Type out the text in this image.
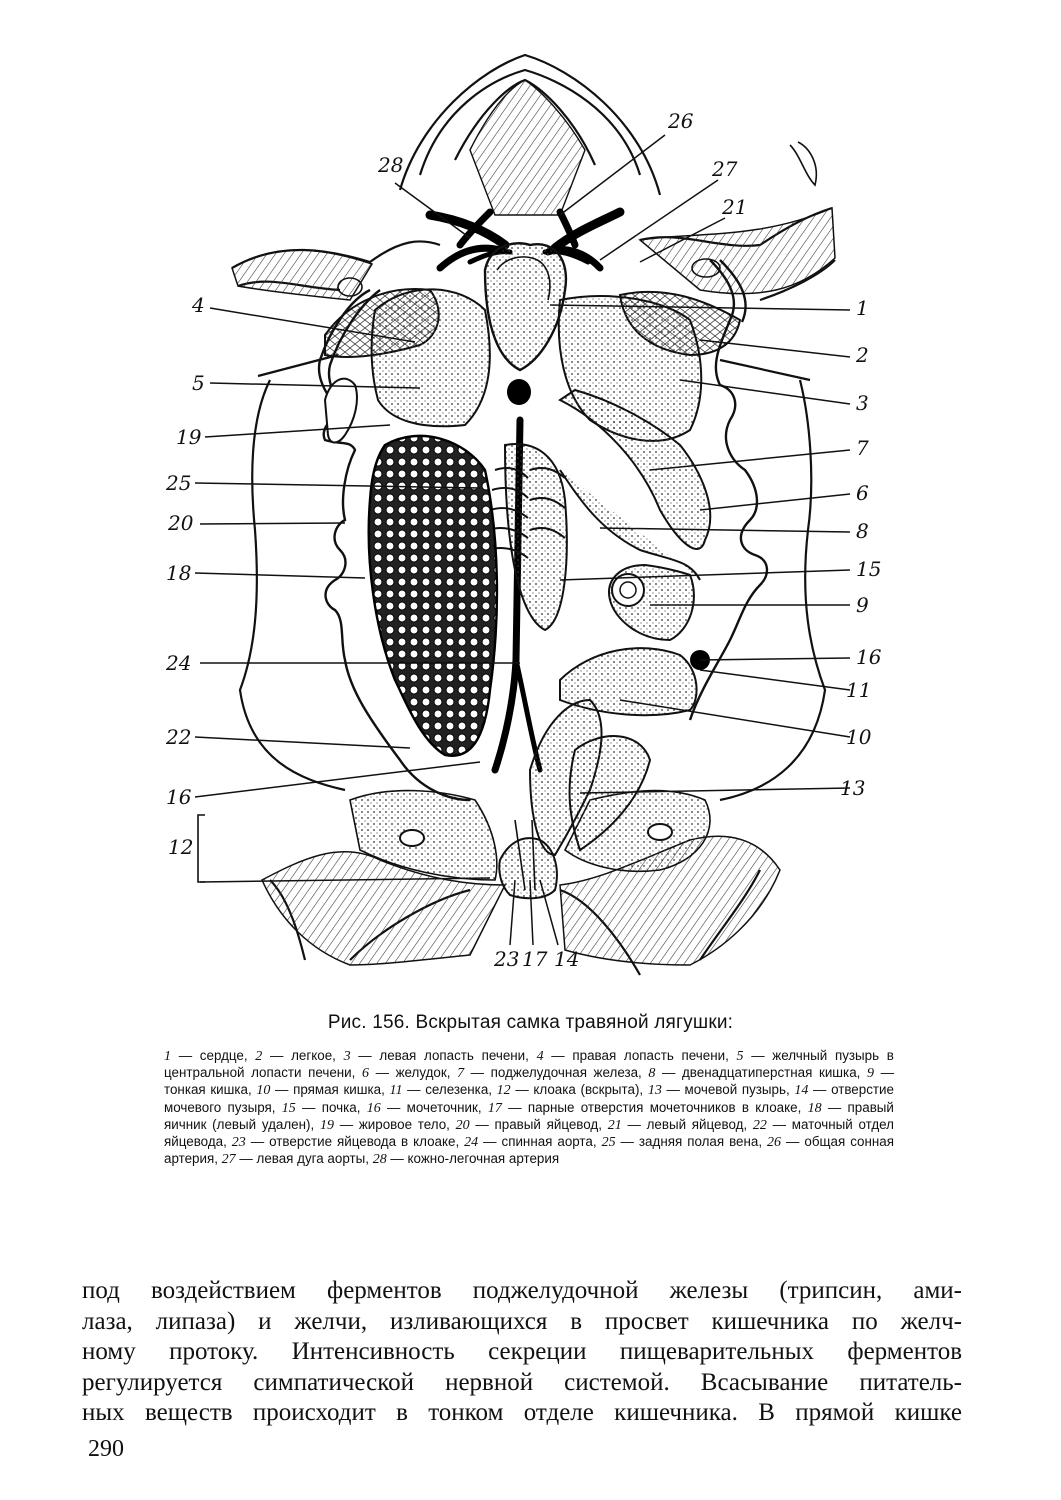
26
28	27
21
4	1
2
5
3
19	7
25	6
20	8
18	15
9
24	16
11
22	10
16	13
12
23 17 14
Рис. 156. Вскрытая самка травяной лягушки:
1 — сердце, 2 — легкое, 3 — левая лопасть печени, 4 — правая лопасть печени, 5 — желчный пузырь в центральной лопасти печени, 6 — желудок, 7 — поджелудочная железа, 8 — двенадцатиперстная кишка, 9 — тонкая кишка, 10 — прямая кишка, 11 — селезенка, 12 — клоака (вскрыта), 13 — мочевой пузырь, 14 — отверстие мочевого пузыря, 15 — почка, 16 — мочеточник, 17 — парные отверстия мочеточников в клоаке, 18 — правый яичник (левый удален), 19 — жировое тело, 20 — правый яйцевод, 21 — левый яйцевод, 22 — маточный отдел яйцевода, 23 — отверстие яйцевода в клоаке, 24 — спинная аорта, 25 — задняя полая вена, 26 — общая сонная артерия, 27 — левая дуга аорты, 28 — кожно-легочная артерия
под воздействием ферментов поджелудочной железы (трипсин, ами-
лаза, липаза) и желчи, изливающихся в просвет кишечника по желч-
ному протоку. Интенсивность секреции пищеварительных ферментов
регулируется симпатической нервной системой. Всасывание питатель-
ных веществ происходит в тонком отделе кишечника. В прямой кишке
290
